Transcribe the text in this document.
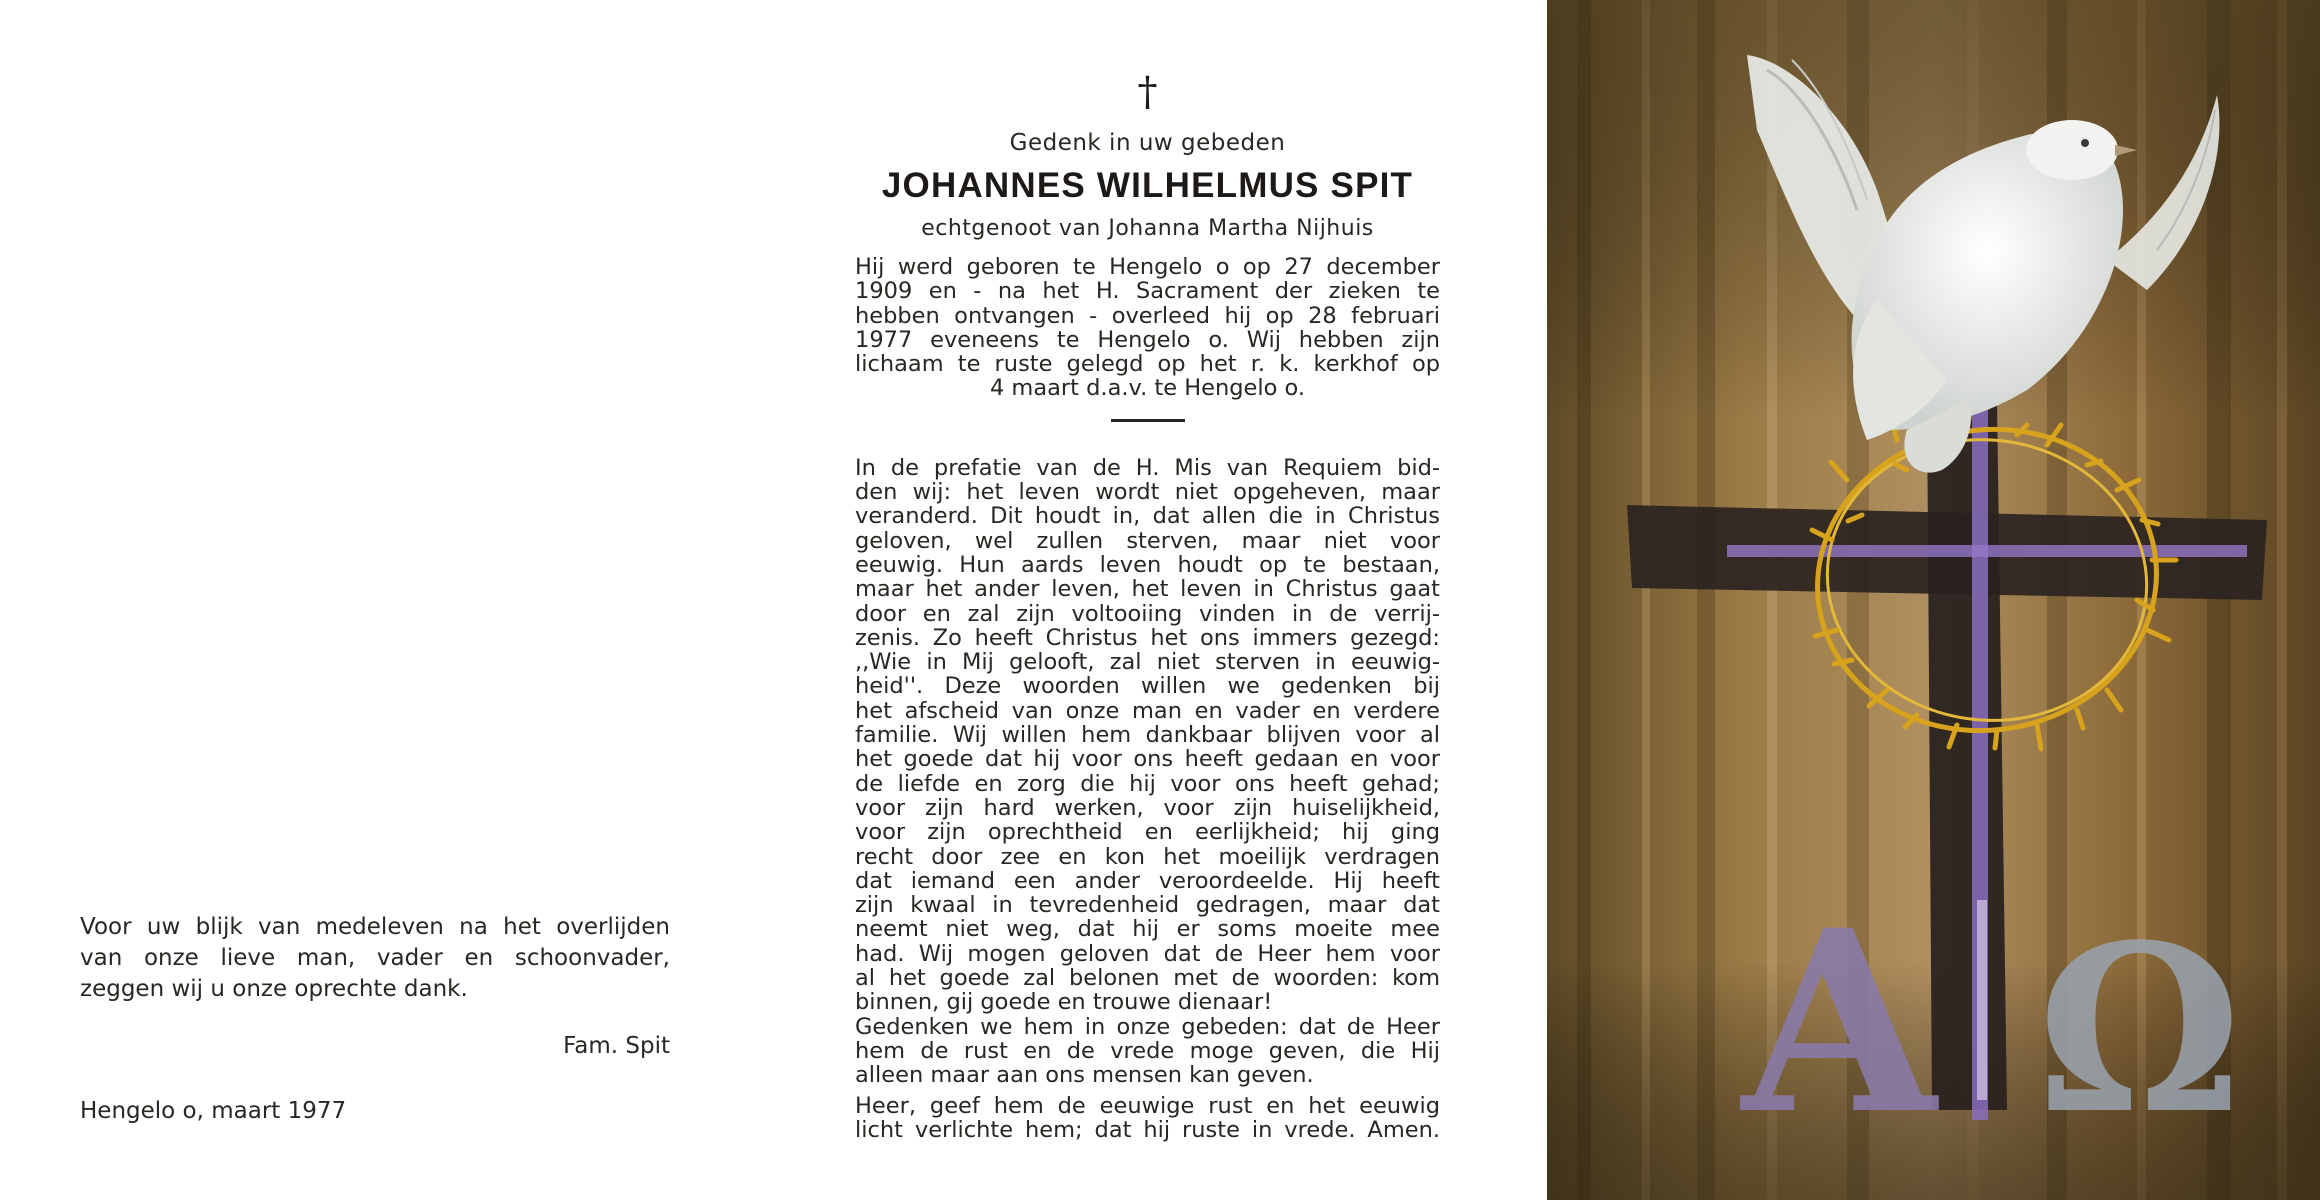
Voor uw blijk van medeleven na het overlijden
van onze lieve man, vader en schoonvader,
zeggen wij u onze oprechte dank.

Fam. Spit
Hengelo o, maart 1977
†
Gedenk in uw gebeden
JOHANNES WILHELMUS SPIT
echtgenoot van Johanna Martha Nijhuis

Hij werd geboren te Hengelo o op 27 december
1909 en - na het H. Sacrament der zieken te
hebben ontvangen - overleed hij op 28 februari
1977 eveneens te Hengelo o. Wij hebben zijn
lichaam te ruste gelegd op het r. k. kerkhof op
4 maart d.a.v. te Hengelo o.

In de prefatie van de H. Mis van Requiem bid-
den wij: het leven wordt niet opgeheven, maar
veranderd. Dit houdt in, dat allen die in Christus
geloven, wel zullen sterven, maar niet voor
eeuwig. Hun aards leven houdt op te bestaan,
maar het ander leven, het leven in Christus gaat
door en zal zijn voltooiing vinden in de verrij-
zenis. Zo heeft Christus het ons immers gezegd:
,,Wie in Mij gelooft, zal niet sterven in eeuwig-
heid''. Deze woorden willen we gedenken bij
het afscheid van onze man en vader en verdere
familie. Wij willen hem dankbaar blijven voor al
het goede dat hij voor ons heeft gedaan en voor
de liefde en zorg die hij voor ons heeft gehad;
voor zijn hard werken, voor zijn huiselijkheid,
voor zijn oprechtheid en eerlijkheid; hij ging
recht door zee en kon het moeilijk verdragen
dat iemand een ander veroordeelde. Hij heeft
zijn kwaal in tevredenheid gedragen, maar dat
neemt niet weg, dat hij er soms moeite mee
had. Wij mogen geloven dat de Heer hem voor
al het goede zal belonen met de woorden: kom
binnen, gij goede en trouwe dienaar!
Gedenken we hem in onze gebeden: dat de Heer
hem de rust en de vrede moge geven, die Hij
alleen maar aan ons mensen kan geven.
Heer, geef hem de eeuwige rust en het eeuwig
licht verlichte hem; dat hij ruste in vrede. Amen. A Ω
